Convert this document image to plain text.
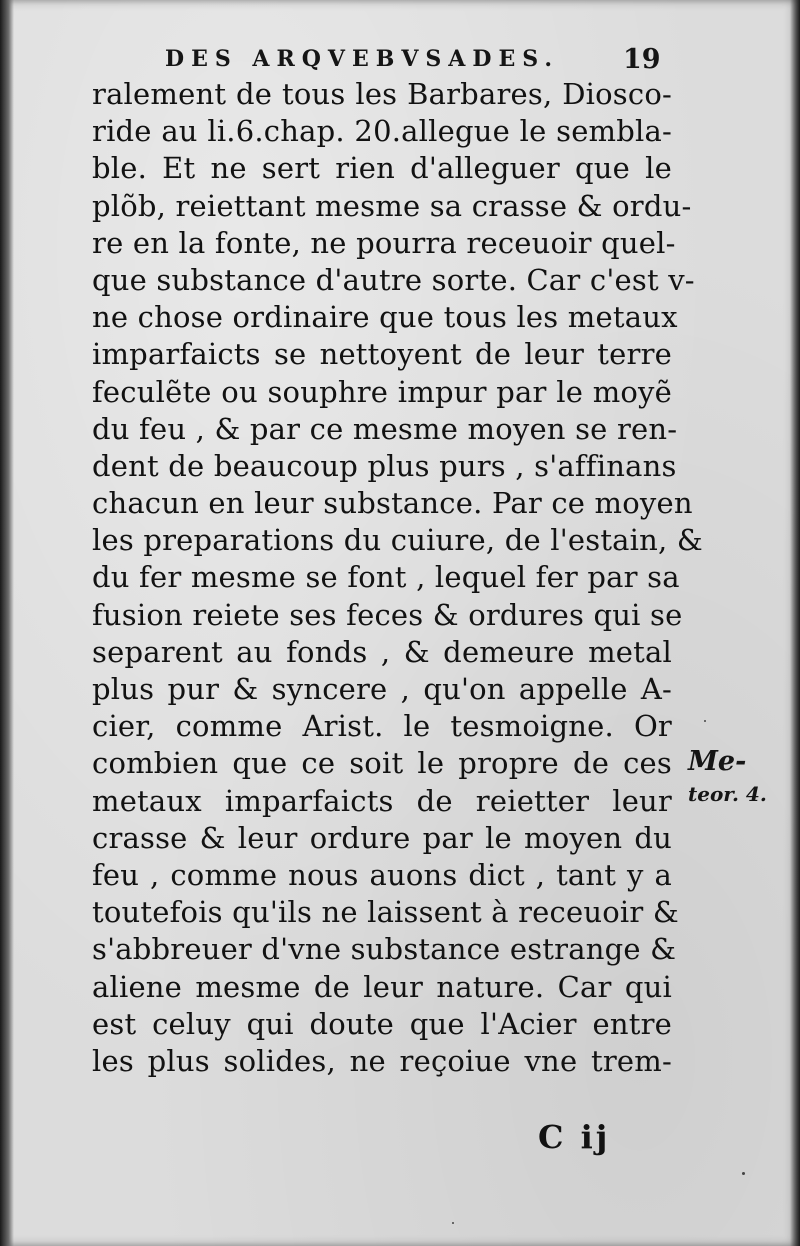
DES ARQVEBVSADES. 19
ralement de tous les Barbares, Diosco-
ride au li.6.chap. 20.allegue le semblа-
ble. Et ne sert rien d'alleguer que le
plõb, reiettant mesme sa crasse & ordu-
re en la fonte, ne pourra receuoir quel-
que substance d'autre sorte. Car c'est v-
ne chose ordinaire que tous les metaux
imparfaicts se nettoyent de leur terre
feculẽte ou souphre impur par le moyẽ
du feu , & par ce mesme moyen se ren-
dent de beaucoup plus purs , s'affinans
chacun en leur substance. Par ce moyen
les preparations du cuiure, de l'estain, &
du fer mesme se font , lequel fer par sa
fusion reiete ses feces & ordures qui se
separent au fonds , & demeure metal
plus pur & syncere , qu'on appelle A-
cier, comme Arist. le tesmoigne. Or
combien que ce soit le propre de ces
metaux imparfaicts de reietter leur
crasse & leur ordure par le moyen du
feu , comme nous auons dict , tant y a
toutefois qu'ils ne laissent à receuoir &
s'abbreuer d'vne substance estrange &
aliene mesme de leur nature. Car qui
est celuy qui doute que l'Acier entre
les plus solides, ne reçoiue vne trem-
Me-
teor. 4.
C ij
